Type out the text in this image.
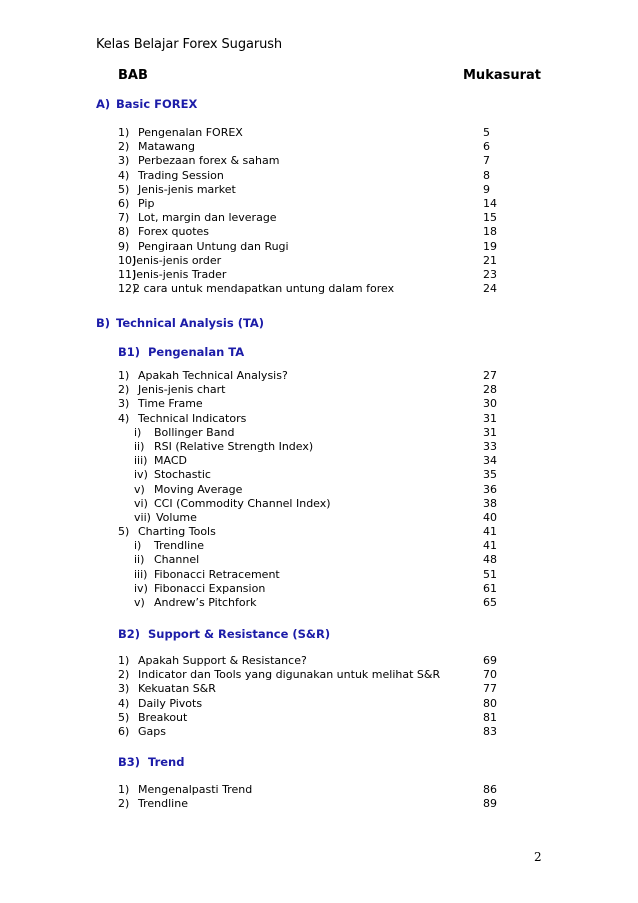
Kelas Belajar Forex Sugarush
BAB	Mukasurat
A) Basic FOREX
1) Pengenalan FOREX	5
2) Matawang	6
3) Perbezaan forex & saham	7
4) Trading Session	8
5) Jenis-jenis market	9
6) Pip	14
7) Lot, margin dan leverage	15
8) Forex quotes	18
9) Pengiraan Untung dan Rugi	19
10)Jenis-jenis order	21
11)Jenis-jenis Trader	23
12)2 cara untuk mendapatkan untung dalam forex	24
B) Technical Analysis (TA)
B1) Pengenalan TA
1) Apakah Technical Analysis?	27
2) Jenis-jenis chart	28
3) Time Frame	30
4) Technical Indicators	31
i) Bollinger Band	31
ii) RSI (Relative Strength Index)	33
iii) MACD	34
iv) Stochastic	35
v) Moving Average	36
vi) CCI (Commodity Channel Index)	38
vii) Volume	40
5) Charting Tools	41
i) Trendline	41
ii) Channel	48
iii) Fibonacci Retracement	51
iv) Fibonacci Expansion	61
v) Andrew’s Pitchfork	65
B2) Support & Resistance (S&R)
1) Apakah Support & Resistance?	69
2) Indicator dan Tools yang digunakan untuk melihat S&R	70
3) Kekuatan S&R	77
4) Daily Pivots	80
5) Breakout	81
6) Gaps	83
B3) Trend
1) Mengenalpasti Trend	86
2) Trendline	89
2
